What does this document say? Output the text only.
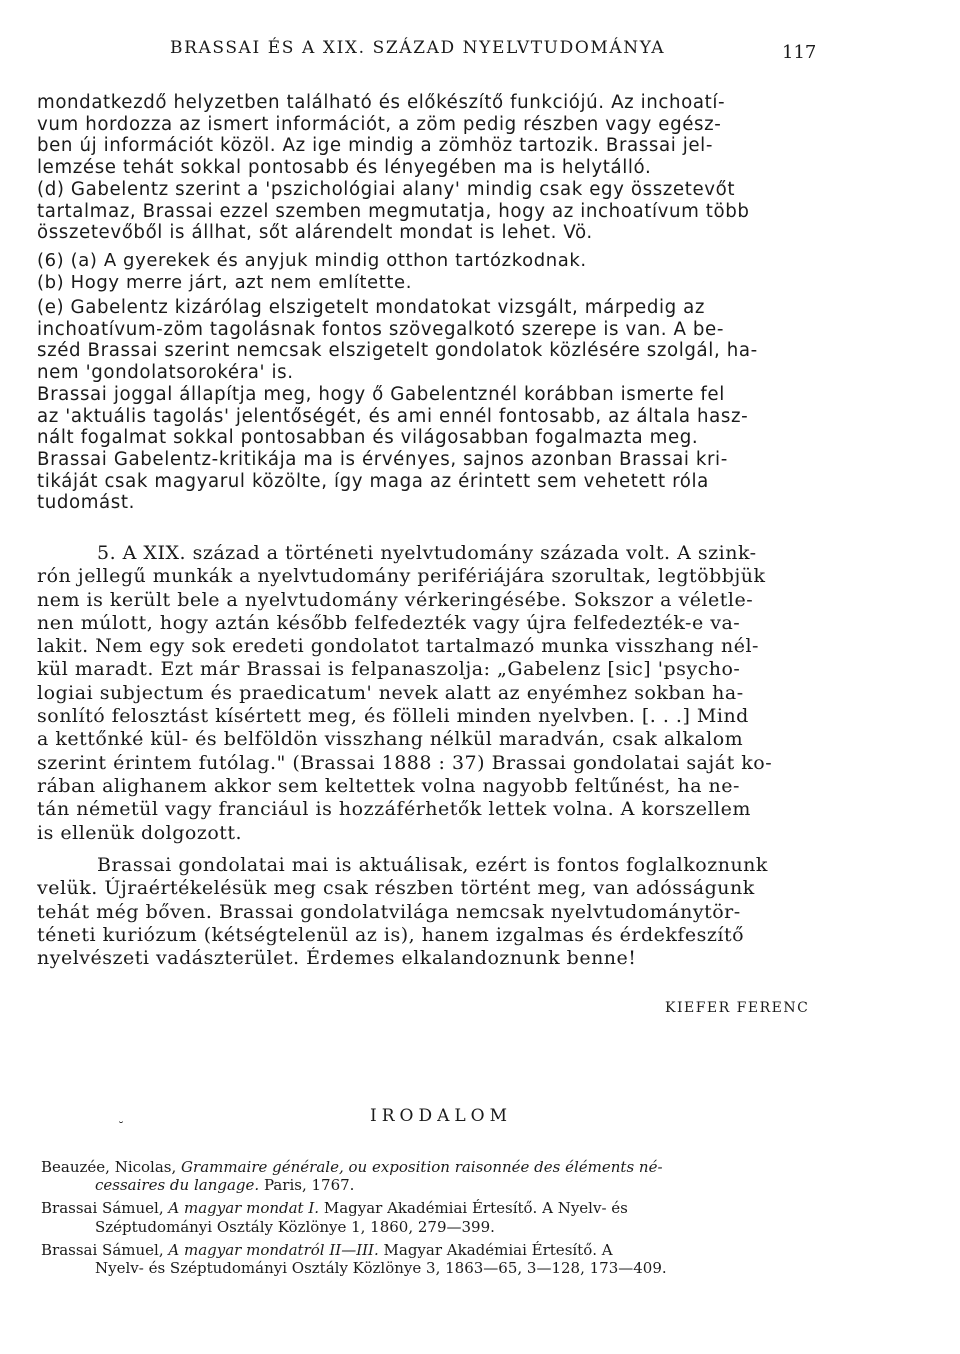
BRASSAI ÉS A XIX. SZÁZAD NYELVTUDOMÁNYA	117
mondatkezdő helyzetben található és előkészítő funkciójú. Az inchoatí-
vum hordozza az ismert információt, a zöm pedig részben vagy egész-
ben új információt közöl. Az ige mindig a zömhöz tartozik. Brassai jel-
lemzése tehát sokkal pontosabb és lényegében ma is helytálló.
(d) Gabelentz szerint a 'pszichológiai alany' mindig csak egy összetevőt
tartalmaz, Brassai ezzel szemben megmutatja, hogy az inchoatívum több
összetevőből is állhat, sőt alárendelt mondat is lehet. Vö.
(6) (a) A gyerekek és anyjuk mindig otthon tartózkodnak.
(b) Hogy merre járt, azt nem említette.
(e) Gabelentz kizárólag elszigetelt mondatokat vizsgált, márpedig az
inchoatívum-zöm tagolásnak fontos szövegalkotó szerepe is van. A be-
széd Brassai szerint nemcsak elszigetelt gondolatok közlésére szolgál, ha-
nem 'gondolatsorokéra' is.
Brassai joggal állapítja meg, hogy ő Gabelentznél korábban ismerte fel
az 'aktuális tagolás' jelentőségét, és ami ennél fontosabb, az általa hasz-
nált fogalmat sokkal pontosabban és világosabban fogalmazta meg.
Brassai Gabelentz-kritikája ma is érvényes, sajnos azonban Brassai kri-
tikáját csak magyarul közölte, így maga az érintett sem vehetett róla
tudomást.
5. A XIX. század a történeti nyelvtudomány százada volt. A szink-
rón jellegű munkák a nyelvtudomány perifériájára szorultak, legtöbbjük
nem is került bele a nyelvtudomány vérkeringésébe. Sokszor a véletle-
nen múlott, hogy aztán később felfedezték vagy újra felfedezték-e va-
lakit. Nem egy sok eredeti gondolatot tartalmazó munka visszhang nél-
kül maradt. Ezt már Brassai is felpanaszolja: „Gabelenz [sic] 'psycho-
logiai subjectum és praedicatum' nevek alatt az enyémhez sokban ha-
sonlító felosztást kísértett meg, és fölleli minden nyelvben. [. . .] Mind
a kettőnké kül- és belföldön visszhang nélkül maradván, csak alkalom
szerint érintem futólag." (Brassai 1888 : 37) Brassai gondolatai saját ko-
rában alighanem akkor sem keltettek volna nagyobb feltűnést, ha ne-
tán németül vagy franciául is hozzáférhetők lettek volna. A korszellem
is ellenük dolgozott.
Brassai gondolatai mai is aktuálisak, ezért is fontos foglalkoznunk
velük. Újraértékelésük meg csak részben történt meg, van adósságunk
tehát még bőven. Brassai gondolatvilága nemcsak nyelvtudománytör-
téneti kuriózum (kétségtelenül az is), hanem izgalmas és érdekfeszítő
nyelvészeti vadászterület. Érdemes elkalandoznunk benne!
KIEFER FERENC
˘
IRODALOM
Beauzée, Nicolas, Grammaire générale, ou exposition raisonnée des éléments né-
cessaires du langage. Paris, 1767.
Brassai Sámuel, A magyar mondat I. Magyar Akadémiai Értesítő. A Nyelv- és
Széptudományi Osztály Közlönye 1, 1860, 279—399.
Brassai Sámuel, A magyar mondatról II—III. Magyar Akadémiai Értesítő. A
Nyelv- és Széptudományi Osztály Közlönye 3, 1863—65, 3—128, 173—409.
